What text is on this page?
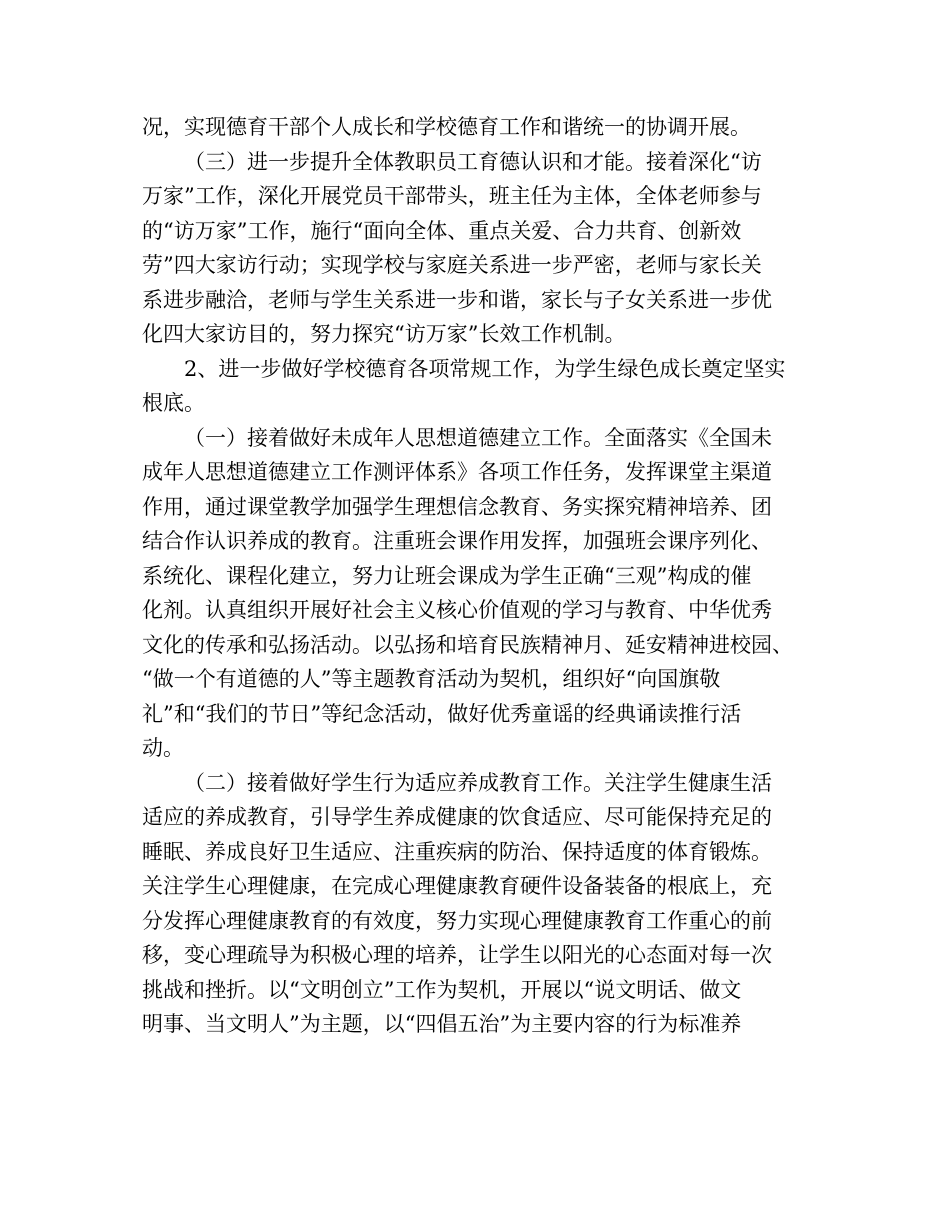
况，实现德育干部个人成长和学校德育工作和谐统一的协调开展。
（三）进一步提升全体教职员工育德认识和才能。接着深化“访
万家”工作，深化开展党员干部带头，班主任为主体，全体老师参与
的“访万家”工作，施行“面向全体、重点关爱、合力共育、创新效
劳”四大家访行动；实现学校与家庭关系进一步严密，老师与家长关
系进步融洽，老师与学生关系进一步和谐，家长与子女关系进一步优
化四大家访目的，努力探究“访万家”长效工作机制。
2、进一步做好学校德育各项常规工作，为学生绿色成长奠定坚实
根底。
（一）接着做好未成年人思想道德建立工作。全面落实《全国未
成年人思想道德建立工作测评体系》各项工作任务，发挥课堂主渠道
作用，通过课堂教学加强学生理想信念教育、务实探究精神培养、团
结合作认识养成的教育。注重班会课作用发挥，加强班会课序列化、
系统化、课程化建立，努力让班会课成为学生正确“三观”构成的催
化剂。认真组织开展好社会主义核心价值观的学习与教育、中华优秀
文化的传承和弘扬活动。以弘扬和培育民族精神月、延安精神进校园、
“做一个有道德的人”等主题教育活动为契机，组织好“向国旗敬
礼”和“我们的节日”等纪念活动，做好优秀童谣的经典诵读推行活
动。
（二）接着做好学生行为适应养成教育工作。关注学生健康生活
适应的养成教育，引导学生养成健康的饮食适应、尽可能保持充足的
睡眠、养成良好卫生适应、注重疾病的防治、保持适度的体育锻炼。
关注学生心理健康，在完成心理健康教育硬件设备装备的根底上，充
分发挥心理健康教育的有效度，努力实现心理健康教育工作重心的前
移，变心理疏导为积极心理的培养，让学生以阳光的心态面对每一次
挑战和挫折。以“文明创立”工作为契机，开展以“说文明话、做文
明事、当文明人”为主题，以“四倡五治”为主要内容的行为标准养
